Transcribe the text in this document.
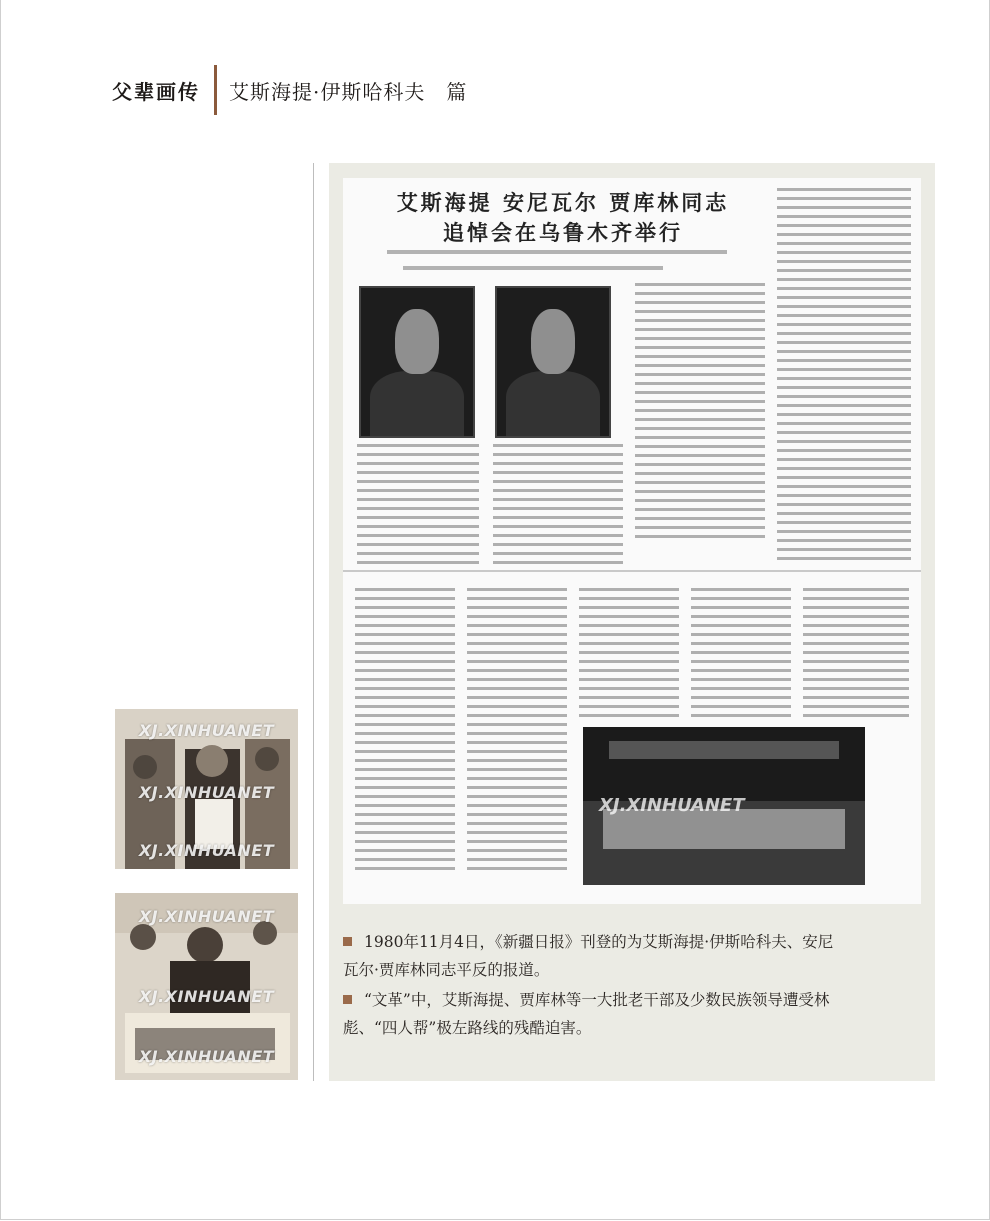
父辈画传 艾斯海提·伊斯哈科夫　篇
XJ.XINHUANET
XJ.XINHUANET
XJ.XINHUANET
XJ.XINHUANET
XJ.XINHUANET
XJ.XINHUANET
艾斯海提 安尼瓦尔 贾库林同志
追悼会在乌鲁木齐举行
XJ.XINHUANET
1980年11月4日，《新疆日报》刊登的为艾斯海提·伊斯哈科夫、安尼瓦尔·贾库林同志平反的报道。
“文革”中，艾斯海提、贾库林等一大批老干部及少数民族领导遭受林彪、“四人帮”极左路线的残酷迫害。
